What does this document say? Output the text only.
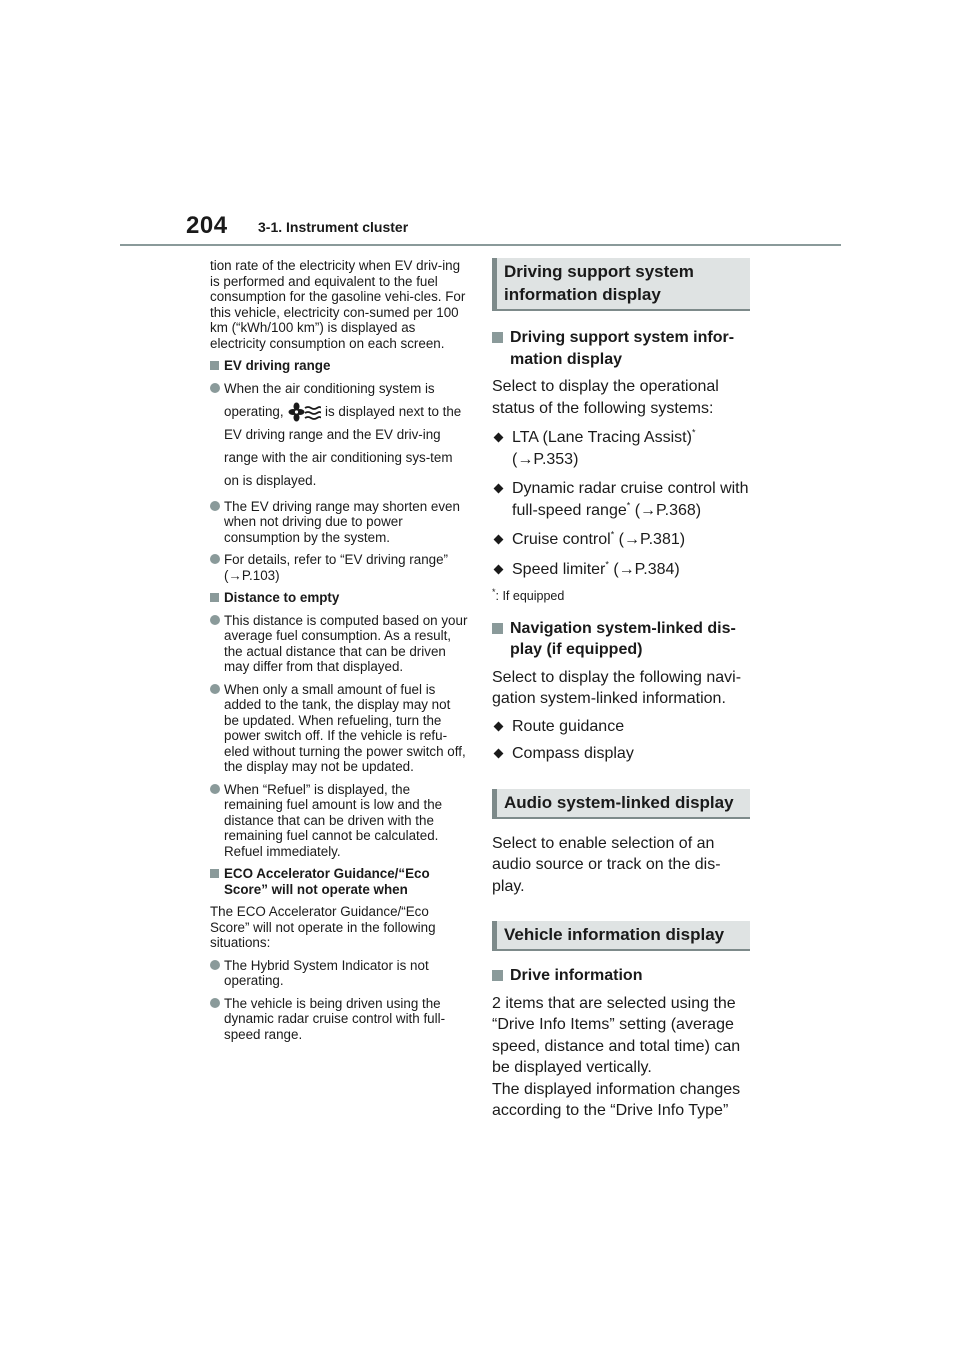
204 3-1. Instrument cluster

tion rate of the electricity when EV driv-ing is performed and equivalent to the fuel consumption for the gasoline vehi-cles. For this vehicle, electricity con-sumed per 100 km (“kWh/100 km”) is displayed as electricity consumption on each screen.

EV driving range
When the air conditioning system is operating,	is displayed next to the EV driving range and the EV driv-ing range with the air conditioning sys-tem on is displayed.
The EV driving range may shorten even when not driving due to power consumption by the system.
For details, refer to “EV driving range” (→P.103)
Distance to empty
This distance is computed based on your average fuel consumption. As a result, the actual distance that can be driven may differ from that displayed.
When only a small amount of fuel is added to the tank, the display may not be updated. When refueling, turn the power switch off. If the vehicle is refu-eled without turning the power switch off, the display may not be updated.
When “Refuel” is displayed, the remaining fuel amount is low and the distance that can be driven with the remaining fuel cannot be calculated. Refuel immediately.
ECO Accelerator Guidance/“Eco Score” will not operate when

The ECO Accelerator Guidance/“Eco Score” will not operate in the following situations:

The Hybrid System Indicator is not operating.
The vehicle is being driven using the dynamic radar cruise control with full-speed range.
Driving support system information display
Driving support system infor-mation display

Select to display the operational status of the following systems:

LTA (Lane Tracing Assist)*
(→P.353)
Dynamic radar cruise control with full-speed range* (→P.368)
Cruise control* (→P.381)
Speed limiter* (→P.384)
*: If equipped
Navigation system-linked dis-play (if equipped)

Select to display the following navi-gation system-linked information.

Route guidance
Compass display
Audio system-linked display

Select to enable selection of an audio source or track on the dis-play.

Vehicle information display
Drive information

2 items that are selected using the “Drive Info Items” setting (average speed, distance and total time) can be displayed vertically.

The displayed information changes according to the “Drive Info Type”
